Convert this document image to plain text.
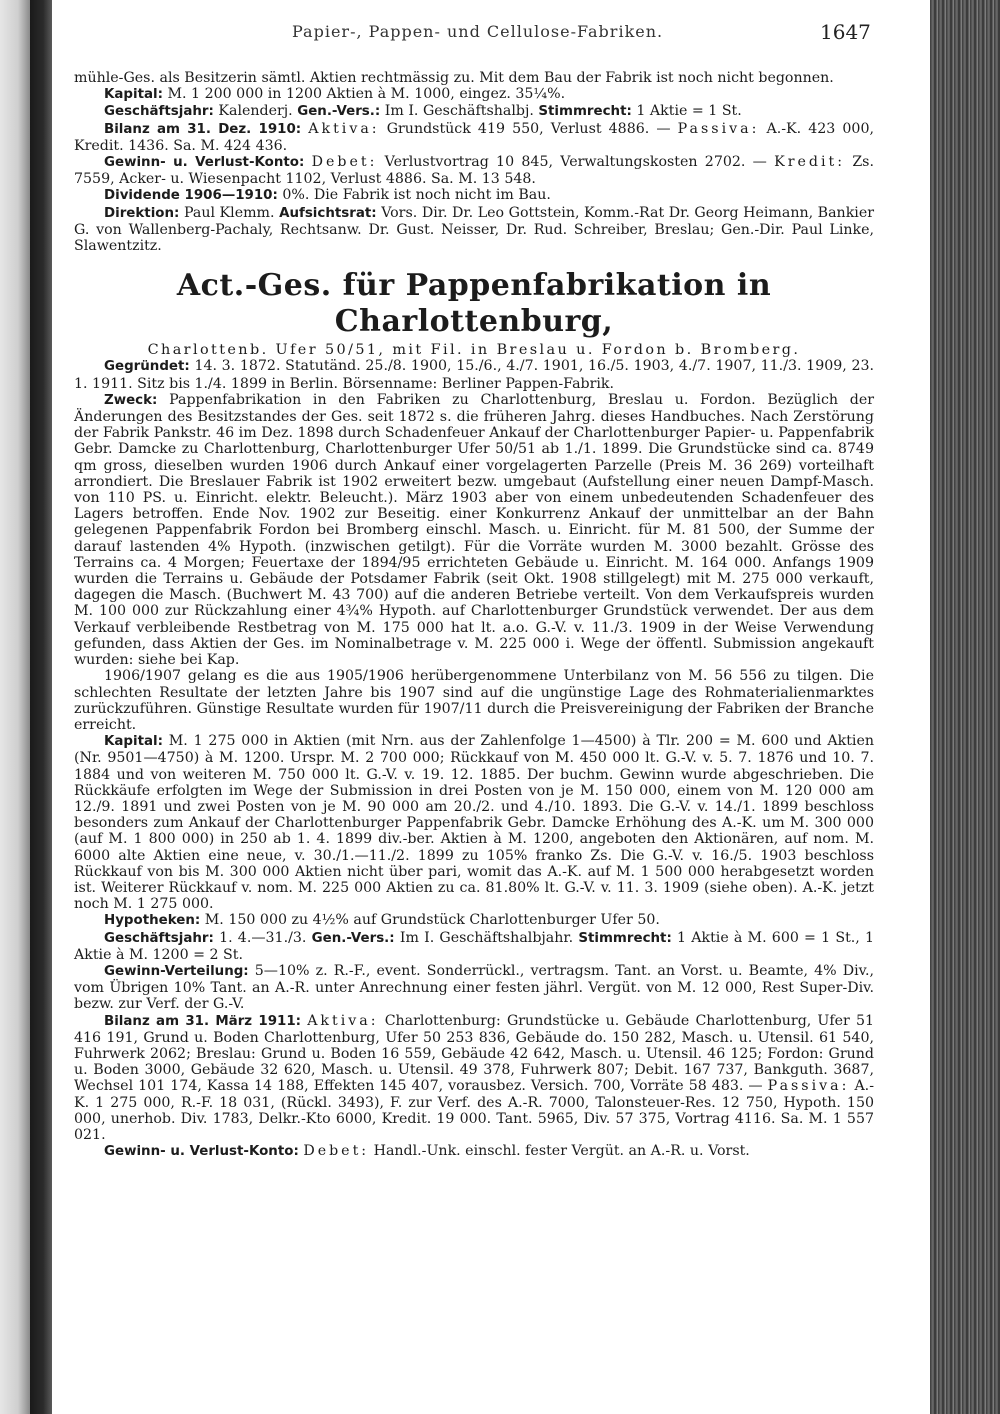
Papier-, Pappen- und Cellulose-Fabriken.	1647

mühle-Ges. als Besitzerin sämtl. Aktien rechtmässig zu. Mit dem Bau der Fabrik ist noch nicht begonnen.

Kapital: M. 1 200 000 in 1200 Aktien à M. 1000, eingez. 35¼%.

Geschäftsjahr: Kalenderj. Gen.-Vers.: Im I. Geschäftshalbj. Stimmrecht: 1 Aktie = 1 St.

Bilanz am 31. Dez. 1910: Aktiva: Grundstück 419 550, Verlust 4886. — Passiva: A.-K. 423 000, Kredit. 1436. Sa. M. 424 436.

Gewinn- u. Verlust-Konto: Debet: Verlustvortrag 10 845, Verwaltungskosten 2702. — Kredit: Zs. 7559, Acker- u. Wiesenpacht 1102, Verlust 4886. Sa. M. 13 548.

Dividende 1906—1910: 0%. Die Fabrik ist noch nicht im Bau.

Direktion: Paul Klemm. Aufsichtsrat: Vors. Dir. Dr. Leo Gottstein, Komm.-Rat Dr. Georg Heimann, Bankier G. von Wallenberg-Pachaly, Rechtsanw. Dr. Gust. Neisser, Dr. Rud. Schreiber, Breslau; Gen.-Dir. Paul Linke, Slawentzitz.

Act.-Ges. für Pappenfabrikation in Charlottenburg,

Charlottenb. Ufer 50/51, mit Fil. in Breslau u. Fordon b. Bromberg.

Gegründet: 14. 3. 1872. Statutänd. 25./8. 1900, 15./6., 4./7. 1901, 16./5. 1903, 4./7. 1907, 11./3. 1909, 23. 1. 1911. Sitz bis 1./4. 1899 in Berlin. Börsenname: Berliner Pappen-Fabrik.

Zweck: Pappenfabrikation in den Fabriken zu Charlottenburg, Breslau u. Fordon. Bezüglich der Änderungen des Besitzstandes der Ges. seit 1872 s. die früheren Jahrg. dieses Handbuches. Nach Zerstörung der Fabrik Pankstr. 46 im Dez. 1898 durch Schadenfeuer Ankauf der Charlottenburger Papier- u. Pappenfabrik Gebr. Damcke zu Charlottenburg, Charlottenburger Ufer 50/51 ab 1./1. 1899. Die Grundstücke sind ca. 8749 qm gross, dieselben wurden 1906 durch Ankauf einer vorgelagerten Parzelle (Preis M. 36 269) vorteilhaft arrondiert. Die Breslauer Fabrik ist 1902 erweitert bezw. umgebaut (Aufstellung einer neuen Dampf-Masch. von 110 PS. u. Einricht. elektr. Beleucht.). März 1903 aber von einem unbedeutenden Schadenfeuer des Lagers betroffen. Ende Nov. 1902 zur Beseitig. einer Konkurrenz Ankauf der unmittelbar an der Bahn gelegenen Pappenfabrik Fordon bei Bromberg einschl. Masch. u. Einricht. für M. 81 500, der Summe der darauf lastenden 4% Hypoth. (inzwischen getilgt). Für die Vorräte wurden M. 3000 bezahlt. Grösse des Terrains ca. 4 Morgen; Feuertaxe der 1894/95 errichteten Gebäude u. Einricht. M. 164 000. Anfangs 1909 wurden die Terrains u. Gebäude der Potsdamer Fabrik (seit Okt. 1908 stillgelegt) mit M. 275 000 verkauft, dagegen die Masch. (Buchwert M. 43 700) auf die anderen Betriebe verteilt. Von dem Verkaufspreis wurden M. 100 000 zur Rückzahlung einer 4¾% Hypoth. auf Charlottenburger Grundstück verwendet. Der aus dem Verkauf verbleibende Restbetrag von M. 175 000 hat lt. a.o. G.-V. v. 11./3. 1909 in der Weise Verwendung gefunden, dass Aktien der Ges. im Nominalbetrage v. M. 225 000 i. Wege der öffentl. Submission angekauft wurden: siehe bei Kap.

1906/1907 gelang es die aus 1905/1906 herübergenommene Unterbilanz von M. 56 556 zu tilgen. Die schlechten Resultate der letzten Jahre bis 1907 sind auf die ungünstige Lage des Rohmaterialienmarktes zurückzuführen. Günstige Resultate wurden für 1907/11 durch die Preisvereinigung der Fabriken der Branche erreicht.

Kapital: M. 1 275 000 in Aktien (mit Nrn. aus der Zahlenfolge 1—4500) à Tlr. 200 = M. 600 und Aktien (Nr. 9501—4750) à M. 1200. Urspr. M. 2 700 000; Rückkauf von M. 450 000 lt. G.-V. v. 5. 7. 1876 und 10. 7. 1884 und von weiteren M. 750 000 lt. G.-V. v. 19. 12. 1885. Der buchm. Gewinn wurde abgeschrieben. Die Rückkäufe erfolgten im Wege der Submission in drei Posten von je M. 150 000, einem von M. 120 000 am 12./9. 1891 und zwei Posten von je M. 90 000 am 20./2. und 4./10. 1893. Die G.-V. v. 14./1. 1899 beschloss besonders zum Ankauf der Charlottenburger Pappenfabrik Gebr. Damcke Erhöhung des A.-K. um M. 300 000 (auf M. 1 800 000) in 250 ab 1. 4. 1899 div.-ber. Aktien à M. 1200, angeboten den Aktionären, auf nom. M. 6000 alte Aktien eine neue, v. 30./1.—11./2. 1899 zu 105% franko Zs. Die G.-V. v. 16./5. 1903 beschloss Rückkauf von bis M. 300 000 Aktien nicht über pari, womit das A.-K. auf M. 1 500 000 herabgesetzt worden ist. Weiterer Rückkauf v. nom. M. 225 000 Aktien zu ca. 81.80% lt. G.-V. v. 11. 3. 1909 (siehe oben). A.-K. jetzt noch M. 1 275 000.

Hypotheken: M. 150 000 zu 4½% auf Grundstück Charlottenburger Ufer 50.

Geschäftsjahr: 1. 4.—31./3. Gen.-Vers.: Im I. Geschäftshalbjahr. Stimmrecht: 1 Aktie à M. 600 = 1 St., 1 Aktie à M. 1200 = 2 St.

Gewinn-Verteilung: 5—10% z. R.-F., event. Sonderrückl., vertragsm. Tant. an Vorst. u. Beamte, 4% Div., vom Übrigen 10% Tant. an A.-R. unter Anrechnung einer festen jährl. Vergüt. von M. 12 000, Rest Super-Div. bezw. zur Verf. der G.-V.

Bilanz am 31. März 1911: Aktiva: Charlottenburg: Grundstücke u. Gebäude Charlottenburg, Ufer 51 416 191, Grund u. Boden Charlottenburg, Ufer 50 253 836, Gebäude do. 150 282, Masch. u. Utensil. 61 540, Fuhrwerk 2062; Breslau: Grund u. Boden 16 559, Gebäude 42 642, Masch. u. Utensil. 46 125; Fordon: Grund u. Boden 3000, Gebäude 32 620, Masch. u. Utensil. 49 378, Fuhrwerk 807; Debit. 167 737, Bankguth. 3687, Wechsel 101 174, Kassa 14 188, Effekten 145 407, vorausbez. Versich. 700, Vorräte 58 483. — Passiva: A.-K. 1 275 000, R.-F. 18 031, (Rückl. 3493), F. zur Verf. des A.-R. 7000, Talonsteuer-Res. 12 750, Hypoth. 150 000, unerhob. Div. 1783, Delkr.-Kto 6000, Kredit. 19 000. Tant. 5965, Div. 57 375, Vortrag 4116. Sa. M. 1 557 021.

Gewinn- u. Verlust-Konto: Debet: Handl.-Unk. einschl. fester Vergüt. an A.-R. u. Vorst.
